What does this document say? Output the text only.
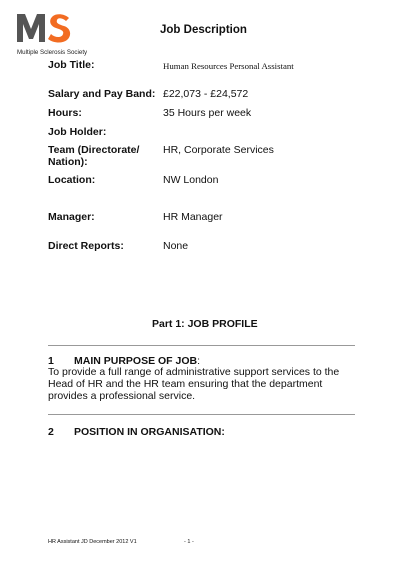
Multiple Sclerosis Society
Job Description
Job Title:	Human Resources Personal Assistant
Salary and Pay Band: £22,073 - £24,572
Hours:	35 Hours per week
Job Holder:
Team (Directorate/ Nation):
HR, Corporate Services
Location:	NW London
Manager:	HR Manager
Direct Reports:	None
Part 1: JOB PROFILE
1 MAIN PURPOSE OF JOB:
To provide a full range of administrative support services to the Head of HR and the HR team ensuring that the department provides a professional service.
2 POSITION IN ORGANISATION:
HR Assistant JD December 2012 V1	- 1 -
